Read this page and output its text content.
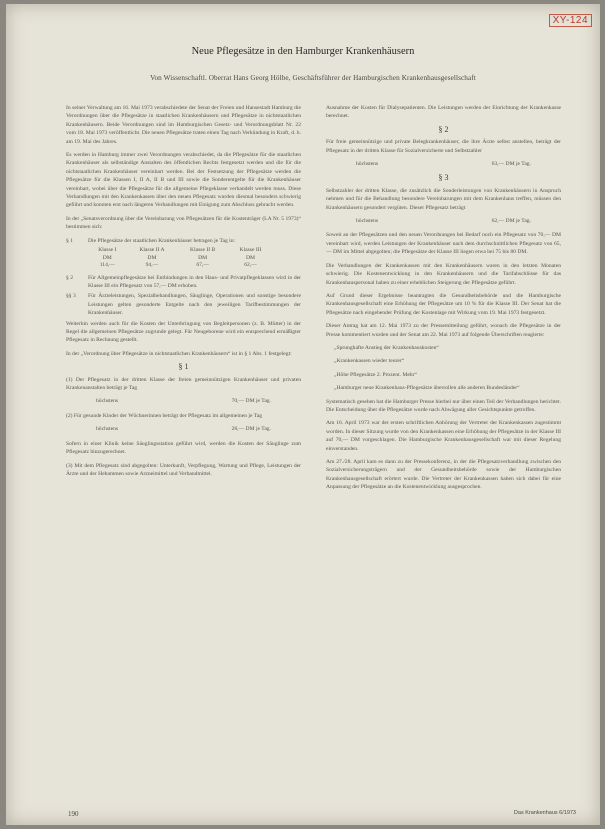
XY-124
Neue Pflegesätze in den Hamburger Krankenhäusern
Von Wissenschaftl. Oberrat Hans Georg Hölbe, Geschäftsführer der Hamburgischen Krankenhausgesellschaft

In seiner Verwaltung am 16. Mai 1973 verabschiedete der Senat der Freien und Hansestadt Hamburg die Verordnungen über die Pflegesätze in staatlichen Krankenhäusern und Pflegesätze in nichtstaatlichen Krankenhäusern. Beide Verordnungen sind im Hamburgischen Gesetz- und Verordnungsblatt Nr. 22 vom 18. Mai 1973 veröffentlicht. Die neuen Pflegesätze traten einen Tag nach Verkündung in Kraft, d. h. am 19. Mai des Jahres.

Es werden in Hamburg immer zwei Verordnungen verabschiedet, da die Pflegesätze für die staatlichen Krankenhäuser als selbständige Anstalten des öffentlichen Rechts festgesetzt werden und die für die nichtstaatlichen Krankenhäuser vereinbart werden. Bei der Festsetzung der Pflegesätze werden die Pflegesätze für die Klassen I, II A, II B und III sowie die Sonderentgelte für die Krankenhäuser vereinbart, wobei über die Pflegesätze für die allgemeine Pflegeklasse verhandelt werden muss. Diese Verhandlungen mit den Krankenkassen über den neuen Pflegesatz wurden diesmal besonders schwierig geführt und konnten erst nach längeren Verhandlungen mit Einigung zum Abschluss gebracht werden.

In der „Senatsverordnung über die Vereinbarung von Pflegesätzen für die Kostenträger (LA Nr. 5 1973)“ bestimmen sich:

§ 1	Die Pflegesätze der staatlichen Krankenhäuser betragen je Tag in:
Klasse I	Klasse II A	Klasse II B	Klasse III
DM	DM	DM	DM
114,—	94,—	67,—	62,—
§ 2	Für Allgemeinpflegesätze bei Entbindungen in den Haus- und Privatpflegeklassen wird in der Klasse III ein Pflegesatz von 57,— DM erhoben.
§§ 3	Für Ärzteleistungen, Spezialbehandlungen, Säuglinge, Operationen und sonstige besondere Leistungen gelten gesonderte Entgelte nach den jeweiligen Tarifbestimmungen der Krankenhäuser.

Weiterhin werden auch für die Kosten der Unterbringung von Begleitpersonen (z. B. Mütter) in der Regel die allgemeinen Pflegesätze zugrunde gelegt. Für Neugeborene wird ein entsprechend ermäßigter Pflegesatz in Rechnung gestellt.

In der „Verordnung über Pflegesätze in nichtstaatlichen Krankenhäusern“ ist in § 1 Abs. 1 festgelegt:

§ 1

(1) Der Pflegesatz in der dritten Klasse der freien gemeinnützigen Krankenhäuser und privaten Krankenanstalten beträgt je Tag

höchstens	70,— DM je Tag.

(2) Für gesunde Kinder der Wöchnerinnen beträgt der Pflegesatz im allgemeinen je Tag

höchstens	28,— DM je Tag.

Sofern in einer Klinik keine Säuglingsstation geführt wird, werden die Kosten der Säuglinge zum Pflegesatz hinzugerechnet.

(3) Mit dem Pflegesatz sind abgegolten: Unterkunft, Verpflegung, Wartung und Pflege, Leistungen der Ärzte und der Hebammen sowie Arzneimittel und Verbandmittel.

Ausnahme der Kosten für Dialysepatienten. Die Leistungen werden der Einrichtung der Krankenkasse berechnet.

§ 2

Für freie gemeinnützige und private Belegkrankenhäuser, die ihre Ärzte selbst anstellen, beträgt der Pflegesatz in der dritten Klasse für Sozialversicherte und Selbstzahler

höchstens	63,— DM je Tag.
§ 3

Selbstzahler der dritten Klasse, die zusätzlich die Sonderleistungen von Krankenhäusern in Anspruch nehmen und für die Behandlung besondere Vereinbarungen mit dem Krankenhaus treffen, müssen den Krankenhäusern gesondert vergüten. Dieser Pflegesatz beträgt

höchstens	62,— DM je Tag.

Soweit an der Pflegesätzen und den neuen Verordnungen bei Bedarf noch ein Pflegesatz von 70,— DM vereinbart wird, werden Leistungen der Krankenhäuser nach dem durchschnittlichen Pflegesatz von 65,— DM im Mittel abgegolten; die Pflegesätze der Klasse III liegen etwa bei 75 bis 80 DM.

Die Verhandlungen der Krankenkassen mit den Krankenhäusern waren in den letzten Monaten schwierig. Die Kostenentwicklung in den Krankenhäusern und die Tarifabschlüsse für das Krankenhauspersonal haben zu einer erheblichen Steigerung der Pflegesätze geführt.

Auf Grund dieser Ergebnisse beantragten die Gesundheitsbehörde und die Hamburgische Krankenhausgesellschaft eine Erhöhung der Pflegesätze um 10 % für die Klasse III. Der Senat hat die Pflegesätze nach eingehender Prüfung der Kostenlage mit Wirkung vom 19. Mai 1973 festgesetzt.

Dieser Antrag hat am 12. Mai 1973 zu der Pressemitteilung geführt, wonach die Pflegesätze in der Presse kommentiert wurden und der Senat am 22. Mai 1973 auf folgende Überschriften reagierte:

„Sprunghafte Anstieg der Krankenhauskosten“
„Krankenkassen wieder teurer“
„Höhe Pflegesätze 2. Prozent. Mehr“
„Hamburger neue Krankenhaus-Pflegesätze überrollen alle anderen Bundesländer“

Systematisch gesehen hat die Hamburger Presse hierbei nur über einen Teil der Verhandlungen berichtet. Die Entscheidung über die Pflegesätze wurde nach Abwägung aller Gesichtspunkte getroffen.

Am 16. April 1973 war der ersten schriftlichen Anhörung der Vertreter der Krankenkassen zugestimmt worden. In dieser Sitzung wurde von den Krankenkassen eine Erhöhung der Pflegesätze in der Klasse III auf 70,— DM vorgeschlagen. Die Hamburgische Krankenhausgesellschaft war mit dieser Regelung einverstanden.

Am 27./28. April kam es dann zu der Pressekonferenz, in der die Pflegesatzverhandlung zwischen den Sozialversicherungsträgern und der Gesundheitsbehörde sowie der Hamburgischen Krankenhausgesellschaft erörtert wurde. Die Vertreter der Krankenkassen haben sich dabei für eine Anpassung der Pflegesätze an die Kostenentwicklung ausgesprochen.

190	Das Krankenhaus 6/1973
